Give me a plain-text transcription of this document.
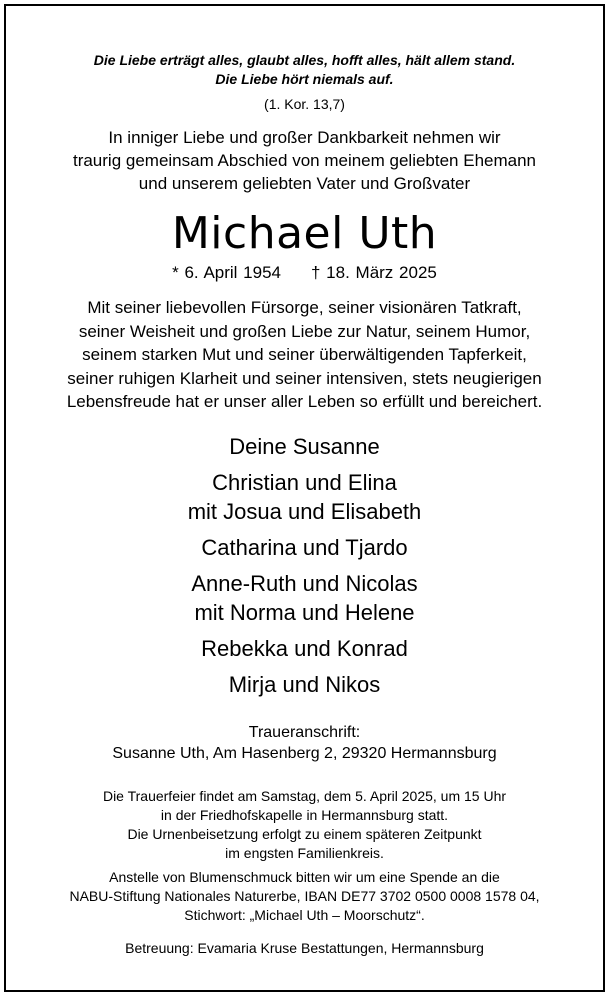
Die Liebe erträgt alles, glaubt alles, hofft alles, hält allem stand.
Die Liebe hört niemals auf.
(1. Kor. 13,7)
In inniger Liebe und großer Dankbarkeit nehmen wir
traurig gemeinsam Abschied von meinem geliebten Ehemann
und unserem geliebten Vater und Großvater
Michael Uth
* 6. April 1954 † 18. März 2025
Mit seiner liebevollen Fürsorge, seiner visionären Tatkraft,
seiner Weisheit und großen Liebe zur Natur, seinem Humor,
seinem starken Mut und seiner überwältigenden Tapferkeit,
seiner ruhigen Klarheit und seiner intensiven, stets neugierigen
Lebensfreude hat er unser aller Leben so erfüllt und bereichert.
Deine Susanne
Christian und Elina
mit Josua und Elisabeth
Catharina und Tjardo
Anne-Ruth und Nicolas
mit Norma und Helene
Rebekka und Konrad
Mirja und Nikos
Traueranschrift:
Susanne Uth, Am Hasenberg 2, 29320 Hermannsburg
Die Trauerfeier findet am Samstag, dem 5. April 2025, um 15 Uhr
in der Friedhofskapelle in Hermannsburg statt.
Die Urnenbeisetzung erfolgt zu einem späteren Zeitpunkt
im engsten Familienkreis.
Anstelle von Blumenschmuck bitten wir um eine Spende an die
NABU-Stiftung Nationales Naturerbe, IBAN DE77 3702 0500 0008 1578 04,
Stichwort: „Michael Uth – Moorschutz“.
Betreuung: Evamaria Kruse Bestattungen, Hermannsburg
